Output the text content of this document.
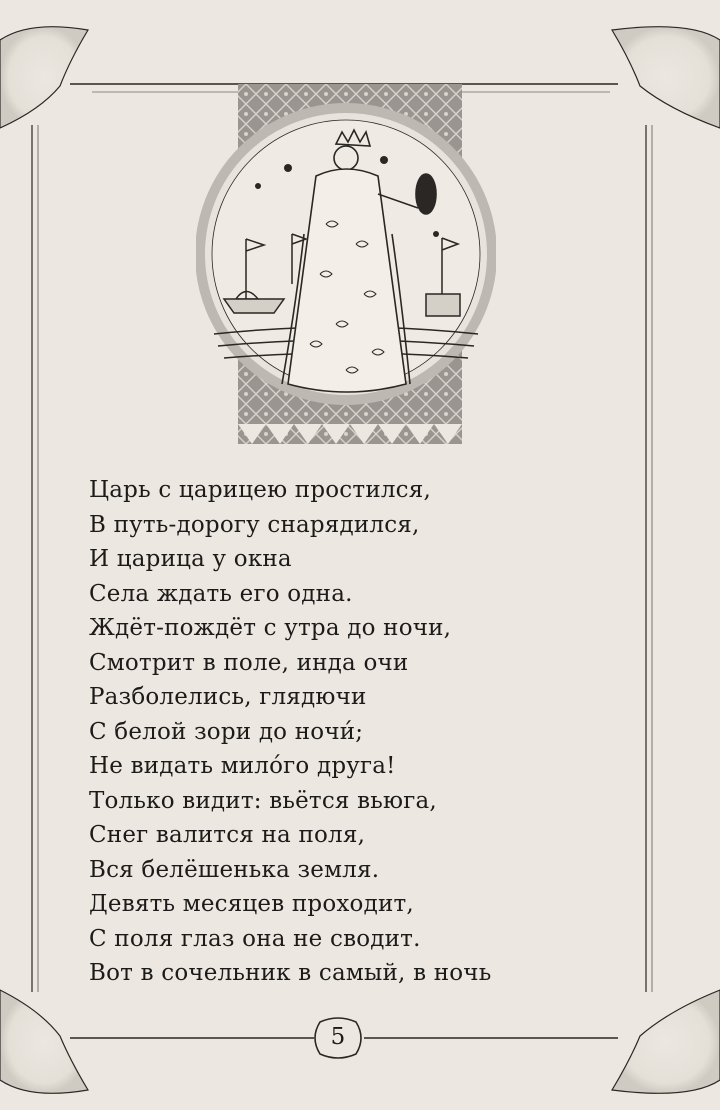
Царь с царицею простился,
В путь-дорогу снарядился,
И царица у окна
Села ждать его одна.
Ждёт-пождёт с утра до ночи,
Смотрит в поле, инда очи
Разболелись, глядючи
С белой зори до ночи́;
Не видать мило́го друга!
Только видит: вьётся вьюга,
Снег валится на поля,
Вся белёшенька земля.
Девять месяцев проходит,
С поля глаз она не сводит.
Вот в сочельник в самый, в ночь
5
